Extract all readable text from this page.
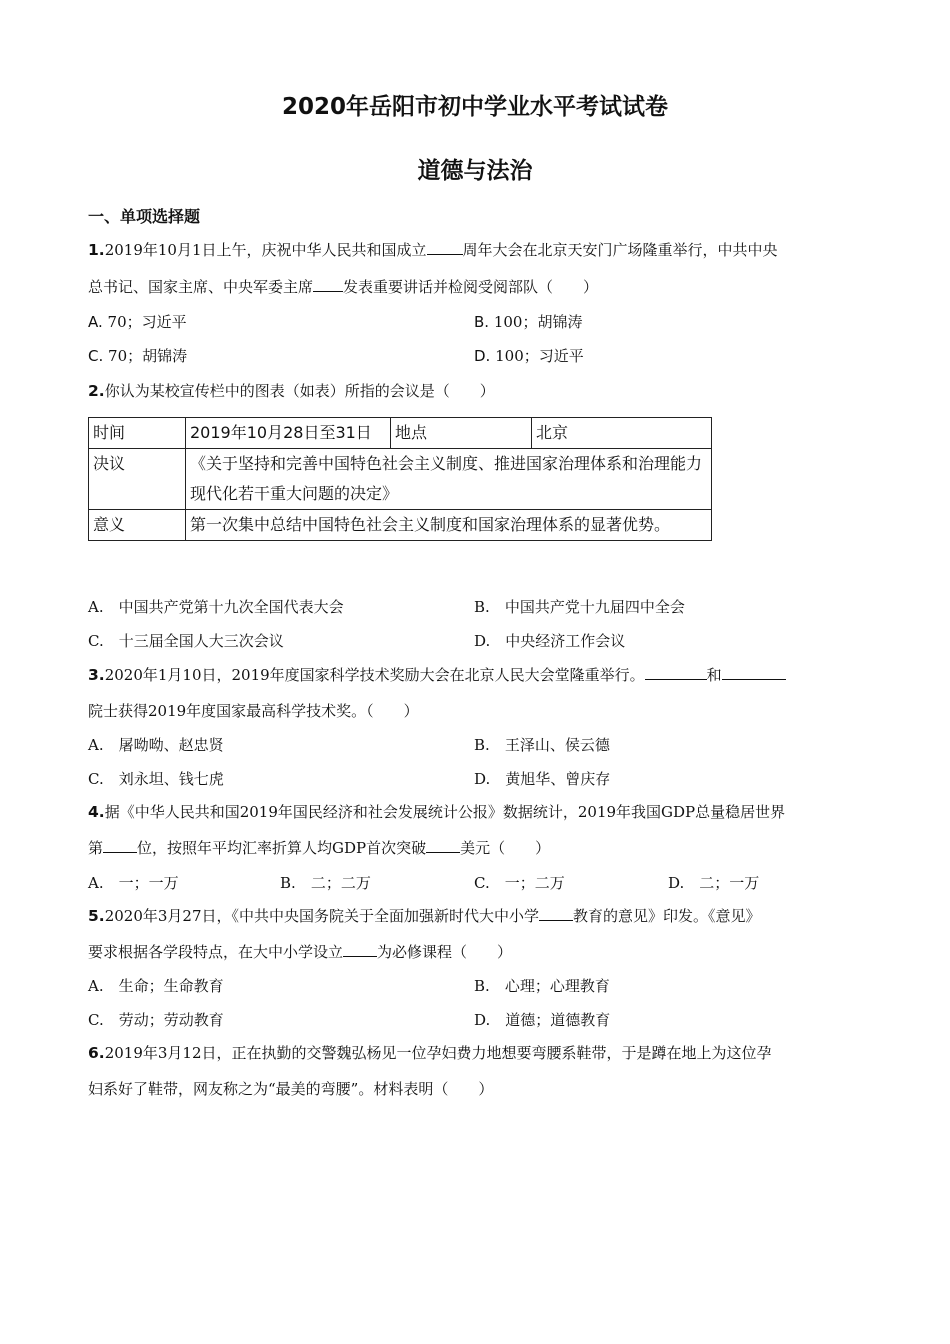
2020年岳阳市初中学业水平考试试卷
道德与法治
一、单项选择题
1.2019年10月1日上午，庆祝中华人民共和国成立 周年大会在北京天安门广场隆重举行，中共中央
总书记、国家主席、中央军委主席 发表重要讲话并检阅受阅部队（　　）
A. 70；习近平	B. 100；胡锦涛
C. 70；胡锦涛	D. 100；习近平
2.你认为某校宣传栏中的图表（如表）所指的会议是（　　）
时间	2019年10月28日至31日	地点	北京
决议	《关于坚持和完善中国特色社会主义制度、推进国家治理体系和治理能力现代化若干重大问题的决定》		
意义	第一次集中总结中国特色社会主义制度和国家治理体系的显著优势。		
A.　 中国共产党第十九次全国代表大会	B.　 中国共产党十九届四中全会
C.　 十三届全国人大三次会议	D.　 中央经济工作会议
3.2020年1月10日，2019年度国家科学技术奖励大会在北京人民大会堂隆重举行。	和
院士获得2019年度国家最高科学技术奖。（　　）
A.　 屠呦呦、赵忠贤	B.　 王泽山、侯云德
C.　 刘永坦、钱七虎	D.　 黄旭华、曾庆存
4.据《中华人民共和国2019年国民经济和社会发展统计公报》数据统计，2019年我国GDP总量稳居世界
第 位，按照年平均汇率折算人均GDP首次突破 美元（　　）
A.　 一；一万	B.　 二；二万	C.　 一；二万	D.　 二；一万
5.2020年3月27日，《中共中央国务院关于全面加强新时代大中小学 教育的意见》印发。《意见》
要求根据各学段特点，在大中小学设立 为必修课程（　　）
A.　 生命；生命教育	B.　 心理；心理教育
C.　 劳动；劳动教育	D.　 道德；道德教育
6.2019年3月12日，正在执勤的交警魏弘杨见一位孕妇费力地想要弯腰系鞋带，于是蹲在地上为这位孕
妇系好了鞋带，网友称之为“最美的弯腰”。材料表明（　　）
